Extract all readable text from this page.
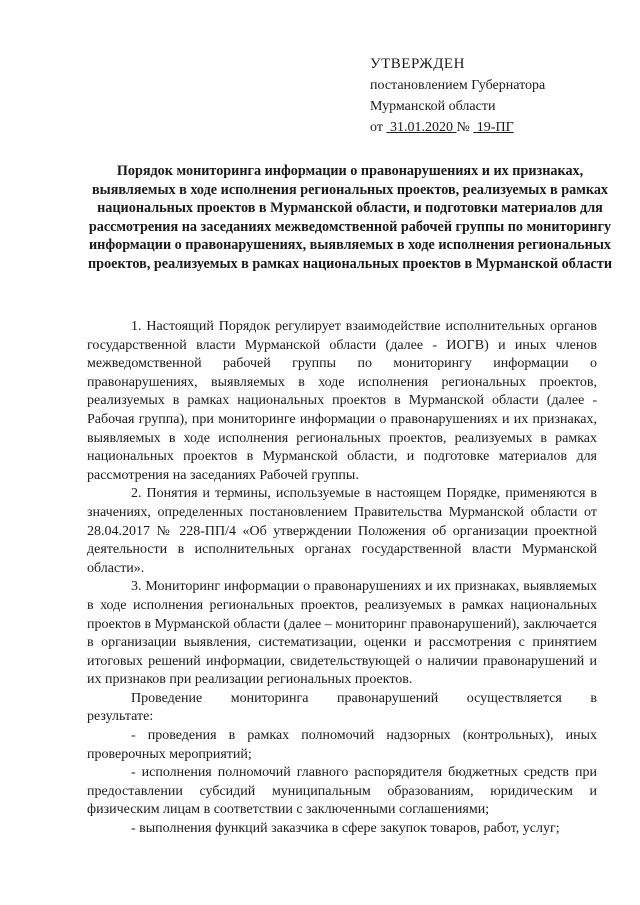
УТВЕРЖДЕН
постановлением Губернатора
Мурманской области
от 31.01.2020 № 19-ПГ
Порядок мониторинга информации о правонарушениях и их признаках, выявляемых в ходе исполнения региональных проектов, реализуемых в рамках национальных проектов в Мурманской области, и подготовки материалов для рассмотрения на заседаниях межведомственной рабочей группы по мониторингу информации о правонарушениях, выявляемых в ходе исполнения региональных проектов, реализуемых в рамках национальных проектов в Мурманской области

1. Настоящий Порядок регулирует взаимодействие исполнительных органов государственной власти Мурманской области (далее - ИОГВ) и иных членов межведомственной рабочей группы по мониторингу информации о правонарушениях, выявляемых в ходе исполнения региональных проектов, реализуемых в рамках национальных проектов в Мурманской области (далее - Рабочая группа), при мониторинге информации о правонарушениях и их признаках, выявляемых в ходе исполнения региональных проектов, реализуемых в рамках национальных проектов в Мурманской области, и подготовке материалов для рассмотрения на заседаниях Рабочей группы.

2. Понятия и термины, используемые в настоящем Порядке, применяются в значениях, определенных постановлением Правительства Мурманской области от 28.04.2017 № 228-ПП/4 «Об утверждении Положения об организации проектной деятельности в исполнительных органах государственной власти Мурманской области».

3. Мониторинг информации о правонарушениях и их признаках, выявляемых в ходе исполнения региональных проектов, реализуемых в рамках национальных проектов в Мурманской области (далее – мониторинг правонарушений), заключается в организации выявления, систематизации, оценки и рассмотрения с принятием итоговых решений информации, свидетельствующей о наличии правонарушений и их признаков при реализации региональных проектов.

Проведение мониторинга правонарушений осуществляется в
результате:

- проведения в рамках полномочий надзорных (контрольных), иных проверочных мероприятий;

- исполнения полномочий главного распорядителя бюджетных средств при предоставлении субсидий муниципальным образованиям, юридическим и физическим лицам в соответствии с заключенными соглашениями;

- выполнения функций заказчика в сфере закупок товаров, работ, услуг;
